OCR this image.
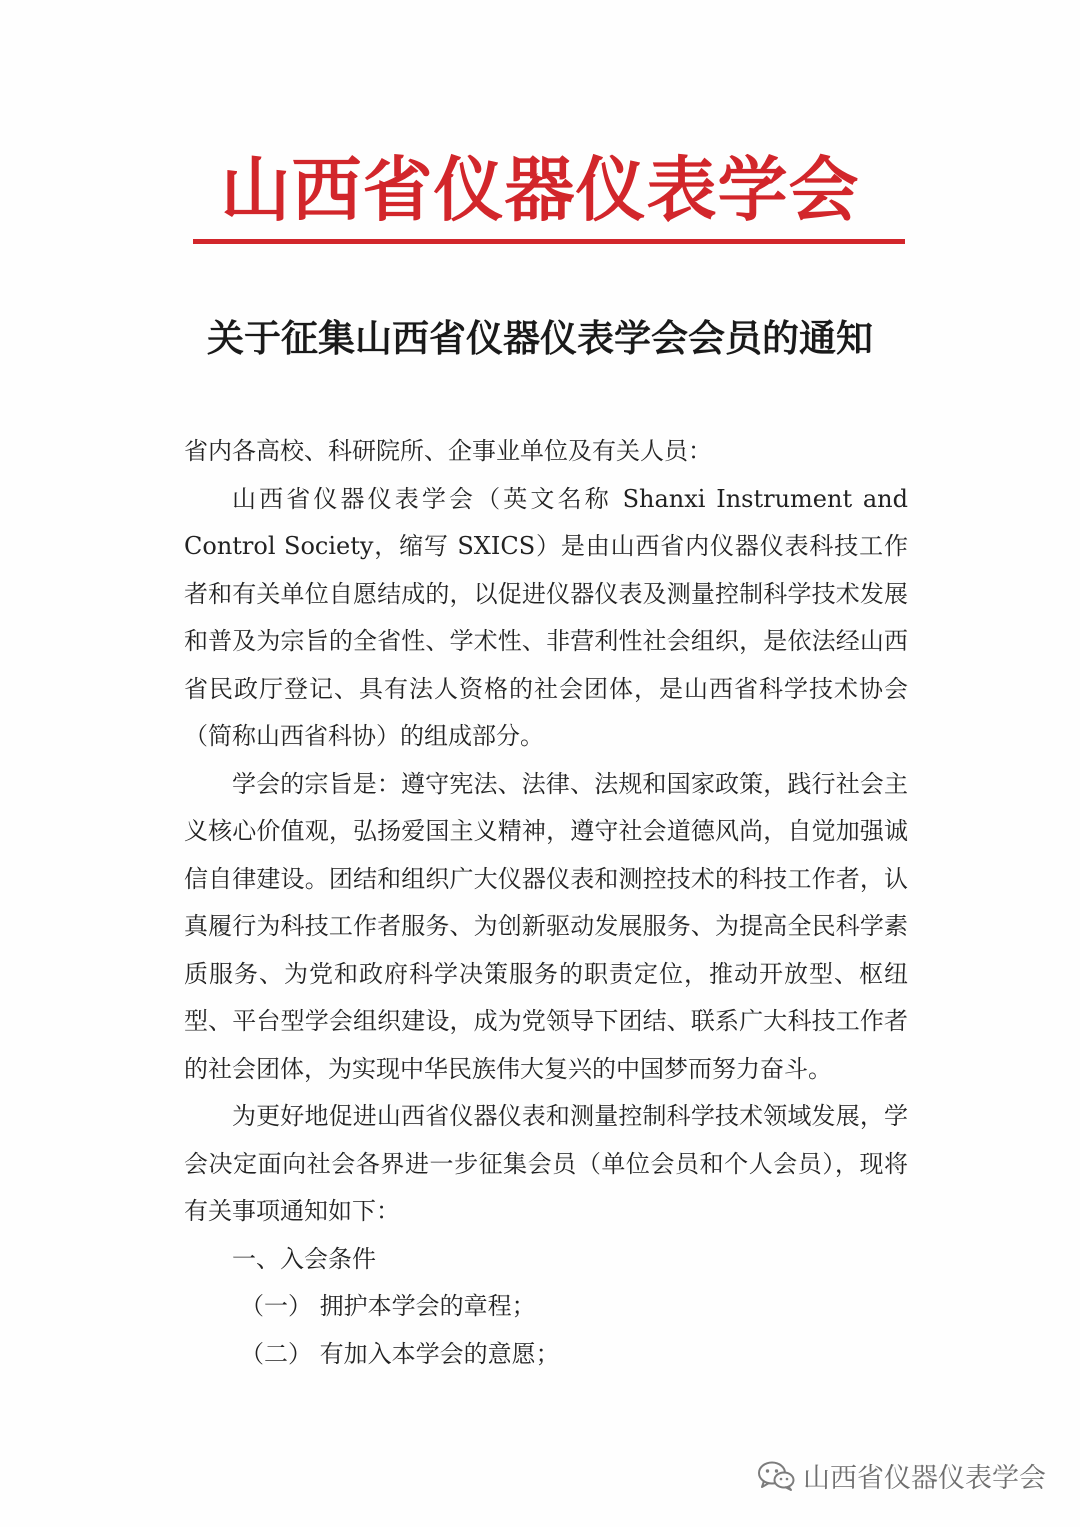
山西省仪器仪表学会
关于征集山西省仪器仪表学会会员的通知

省内各高校、科研院所、企事业单位及有关人员：

山西省仪器仪表学会（英文名称 Shanxi Instrument and Control Society，缩写 SXICS）是由山西省内仪器仪表科技工作者和有关单位自愿结成的，以促进仪器仪表及测量控制科学技术发展和普及为宗旨的全省性、学术性、非营利性社会组织，是依法经山西省民政厅登记、具有法人资格的社会团体，是山西省科学技术协会（简称山西省科协）的组成部分。

学会的宗旨是：遵守宪法、法律、法规和国家政策，践行社会主义核心价值观，弘扬爱国主义精神，遵守社会道德风尚，自觉加强诚信自律建设。团结和组织广大仪器仪表和测控技术的科技工作者，认真履行为科技工作者服务、为创新驱动发展服务、为提高全民科学素质服务、为党和政府科学决策服务的职责定位，推动开放型、枢纽型、平台型学会组织建设，成为党领导下团结、联系广大科技工作者的社会团体，为实现中华民族伟大复兴的中国梦而努力奋斗。

为更好地促进山西省仪器仪表和测量控制科学技术领域发展，学会决定面向社会各界进一步征集会员（单位会员和个人会员），现将有关事项通知如下：

一、入会条件

（一） 拥护本学会的章程；

（二） 有加入本学会的意愿；

山西省仪器仪表学会
